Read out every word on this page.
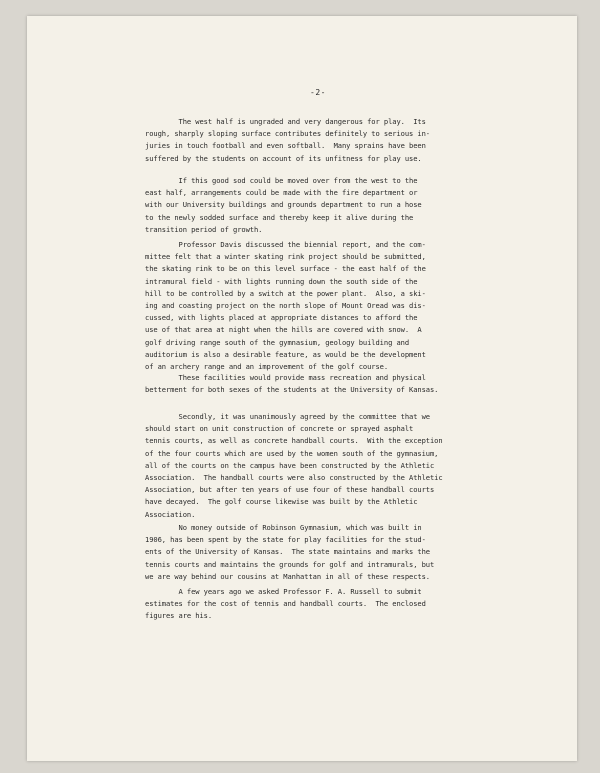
-2-
The west half is ungraded and very dangerous for play.  Its
rough, sharply sloping surface contributes definitely to serious in-
juries in touch football and even softball.  Many sprains have been
suffered by the students on account of its unfitness for play use.
If this good sod could be moved over from the west to the
east half, arrangements could be made with the fire department or
with our University buildings and grounds department to run a hose
to the newly sodded surface and thereby keep it alive during the
transition period of growth.
Professor Davis discussed the biennial report, and the com-
mittee felt that a winter skating rink project should be submitted,
the skating rink to be on this level surface - the east half of the
intramural field - with lights running down the south side of the
hill to be controlled by a switch at the power plant.  Also, a ski-
ing and coasting project on the north slope of Mount Oread was dis-
cussed, with lights placed at appropriate distances to afford the
use of that area at night when the hills are covered with snow.  A
golf driving range south of the gymnasium, geology building and
auditorium is also a desirable feature, as would be the development
of an archery range and an improvement of the golf course.
These facilities would provide mass recreation and physical
betterment for both sexes of the students at the University of Kansas.
Secondly, it was unanimously agreed by the committee that we
should start on unit construction of concrete or sprayed asphalt
tennis courts, as well as concrete handball courts.  With the exception
of the four courts which are used by the women south of the gymnasium,
all of the courts on the campus have been constructed by the Athletic
Association.  The handball courts were also constructed by the Athletic
Association, but after ten years of use four of these handball courts
have decayed.  The golf course likewise was built by the Athletic
Association.
No money outside of Robinson Gymnasium, which was built in
1906, has been spent by the state for play facilities for the stud-
ents of the University of Kansas.  The state maintains and marks the
tennis courts and maintains the grounds for golf and intramurals, but
we are way behind our cousins at Manhattan in all of these respects.
A few years ago we asked Professor F. A. Russell to submit
estimates for the cost of tennis and handball courts.  The enclosed
figures are his.
